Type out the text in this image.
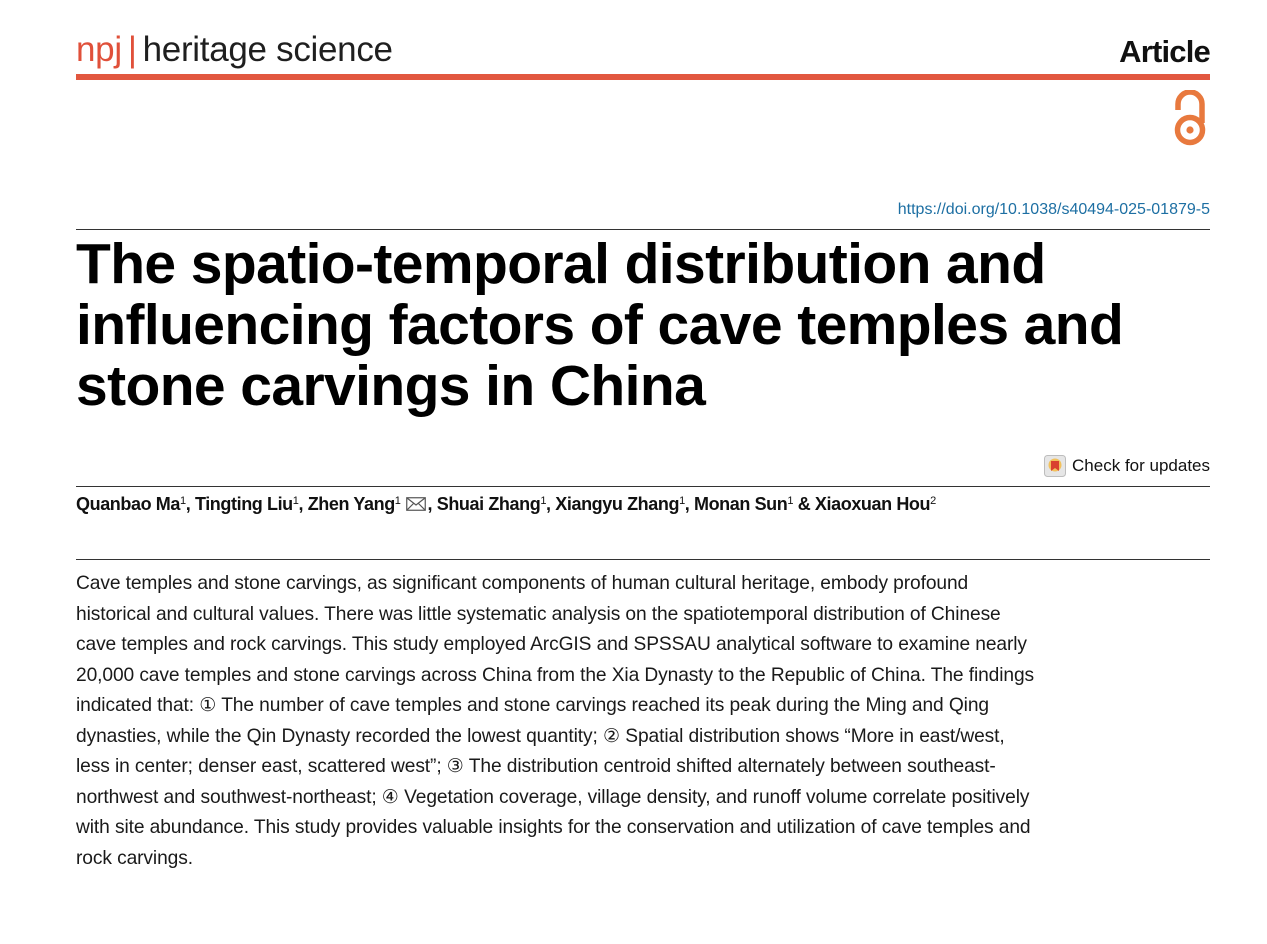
npj | heritage science	Article
https://doi.org/10.1038/s40494-025-01879-5
The spatio-temporal distribution and influencing factors of cave temples and stone carvings in China
Check for updates
Quanbao Ma$^1$, Tingting Liu$^1$, Zhen Yang$^1$ , Shuai Zhang$^1$, Xiangyu Zhang$^1$, Monan Sun$^1$ & Xiaoxuan Hou$^2$

Cave temples and stone carvings, as significant components of human cultural heritage, embody profound historical and cultural values. There was little systematic analysis on the spatiotemporal distribution of Chinese cave temples and rock carvings. This study employed ArcGIS and SPSSAU analytical software to examine nearly 20,000 cave temples and stone carvings across China from the Xia Dynasty to the Republic of China. The findings indicated that: ① The number of cave temples and stone carvings reached its peak during the Ming and Qing dynasties, while the Qin Dynasty recorded the lowest quantity; ② Spatial distribution shows “More in east/west, less in center; denser east, scattered west”; ③ The distribution centroid shifted alternately between southeast-northwest and southwest-northeast; ④ Vegetation coverage, village density, and runoff volume correlate positively with site abundance. This study provides valuable insights for the conservation and utilization of cave temples and rock carvings.
